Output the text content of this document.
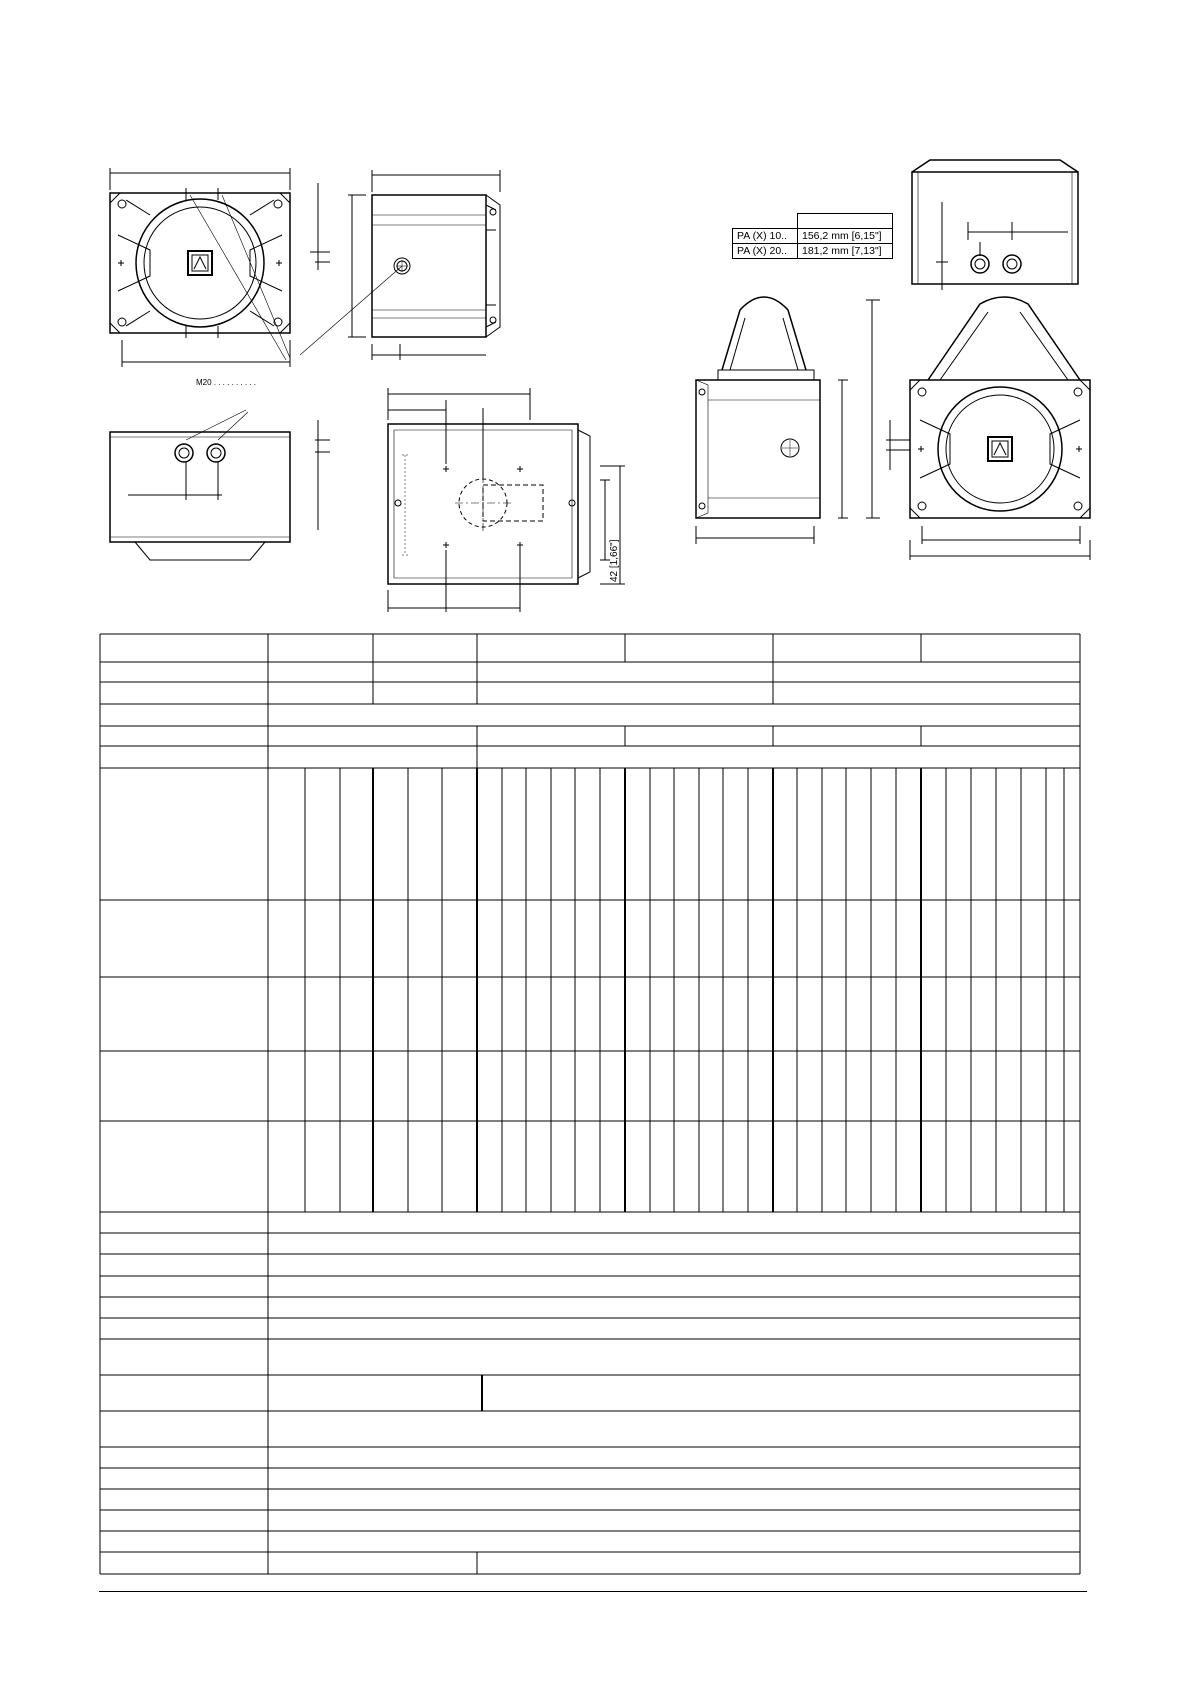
M20 . . . . . . . . . .
42 [1,66"]

PA (X) 10..	156,2 mm [6,15"]
PA (X) 20..	181,2 mm [7,13"]
